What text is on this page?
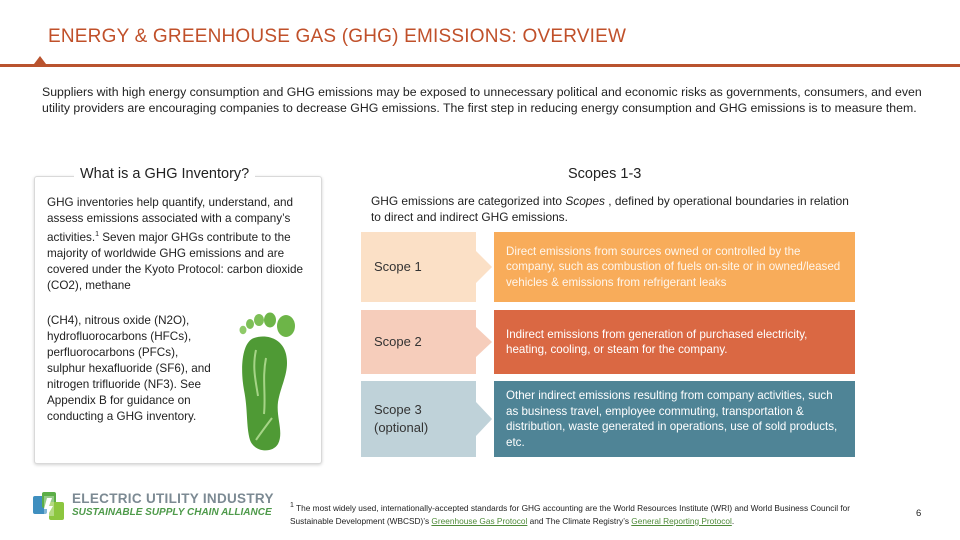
ENERGY & GREENHOUSE GAS (GHG) EMISSIONS: OVERVIEW
Suppliers with high energy consumption and GHG emissions may be exposed to unnecessary political and economic risks as governments, consumers, and even utility providers are encouraging companies to decrease GHG emissions. The first step in reducing energy consumption and GHG emissions is to measure them.
What is a GHG Inventory?
GHG inventories help quantify, understand, and assess emissions associated with a company’s activities.$^1$ Seven major GHGs contribute to the majority of worldwide GHG emissions and are covered under the Kyoto Protocol: carbon dioxide (CO2), methane
(CH4), nitrous oxide (N2O), hydrofluorocarbons (HFCs), perfluorocarbons (PFCs), sulphur hexafluoride (SF6), and nitrogen trifluoride (NF3). See Appendix B for guidance on conducting a GHG inventory.
Scopes 1-3
GHG emissions are categorized into Scopes , defined by operational boundaries in relation to direct and indirect GHG emissions.
Scope 1
Direct emissions from sources owned or controlled by the company, such as combustion of fuels on-site or in owned/leased vehicles & emissions from refrigerant leaks
Scope 2	Indirect emissions from generation of purchased electricity, heating, cooling, or steam for the company.
Scope 3 (optional)
Other indirect emissions resulting from company activities, such as business travel, employee commuting, transportation & distribution, waste generated in operations, use of sold products, etc.
ELECTRIC UTILITY INDUSTRY
SUSTAINABLE SUPPLY CHAIN ALLIANCE
$^1$ The most widely used, internationally-accepted standards for GHG accounting are the World Resources Institute (WRI) and World Business Council for Sustainable Development (WBCSD)’s Greenhouse Gas Protocol and The Climate Registry’s General Reporting Protocol.
6
